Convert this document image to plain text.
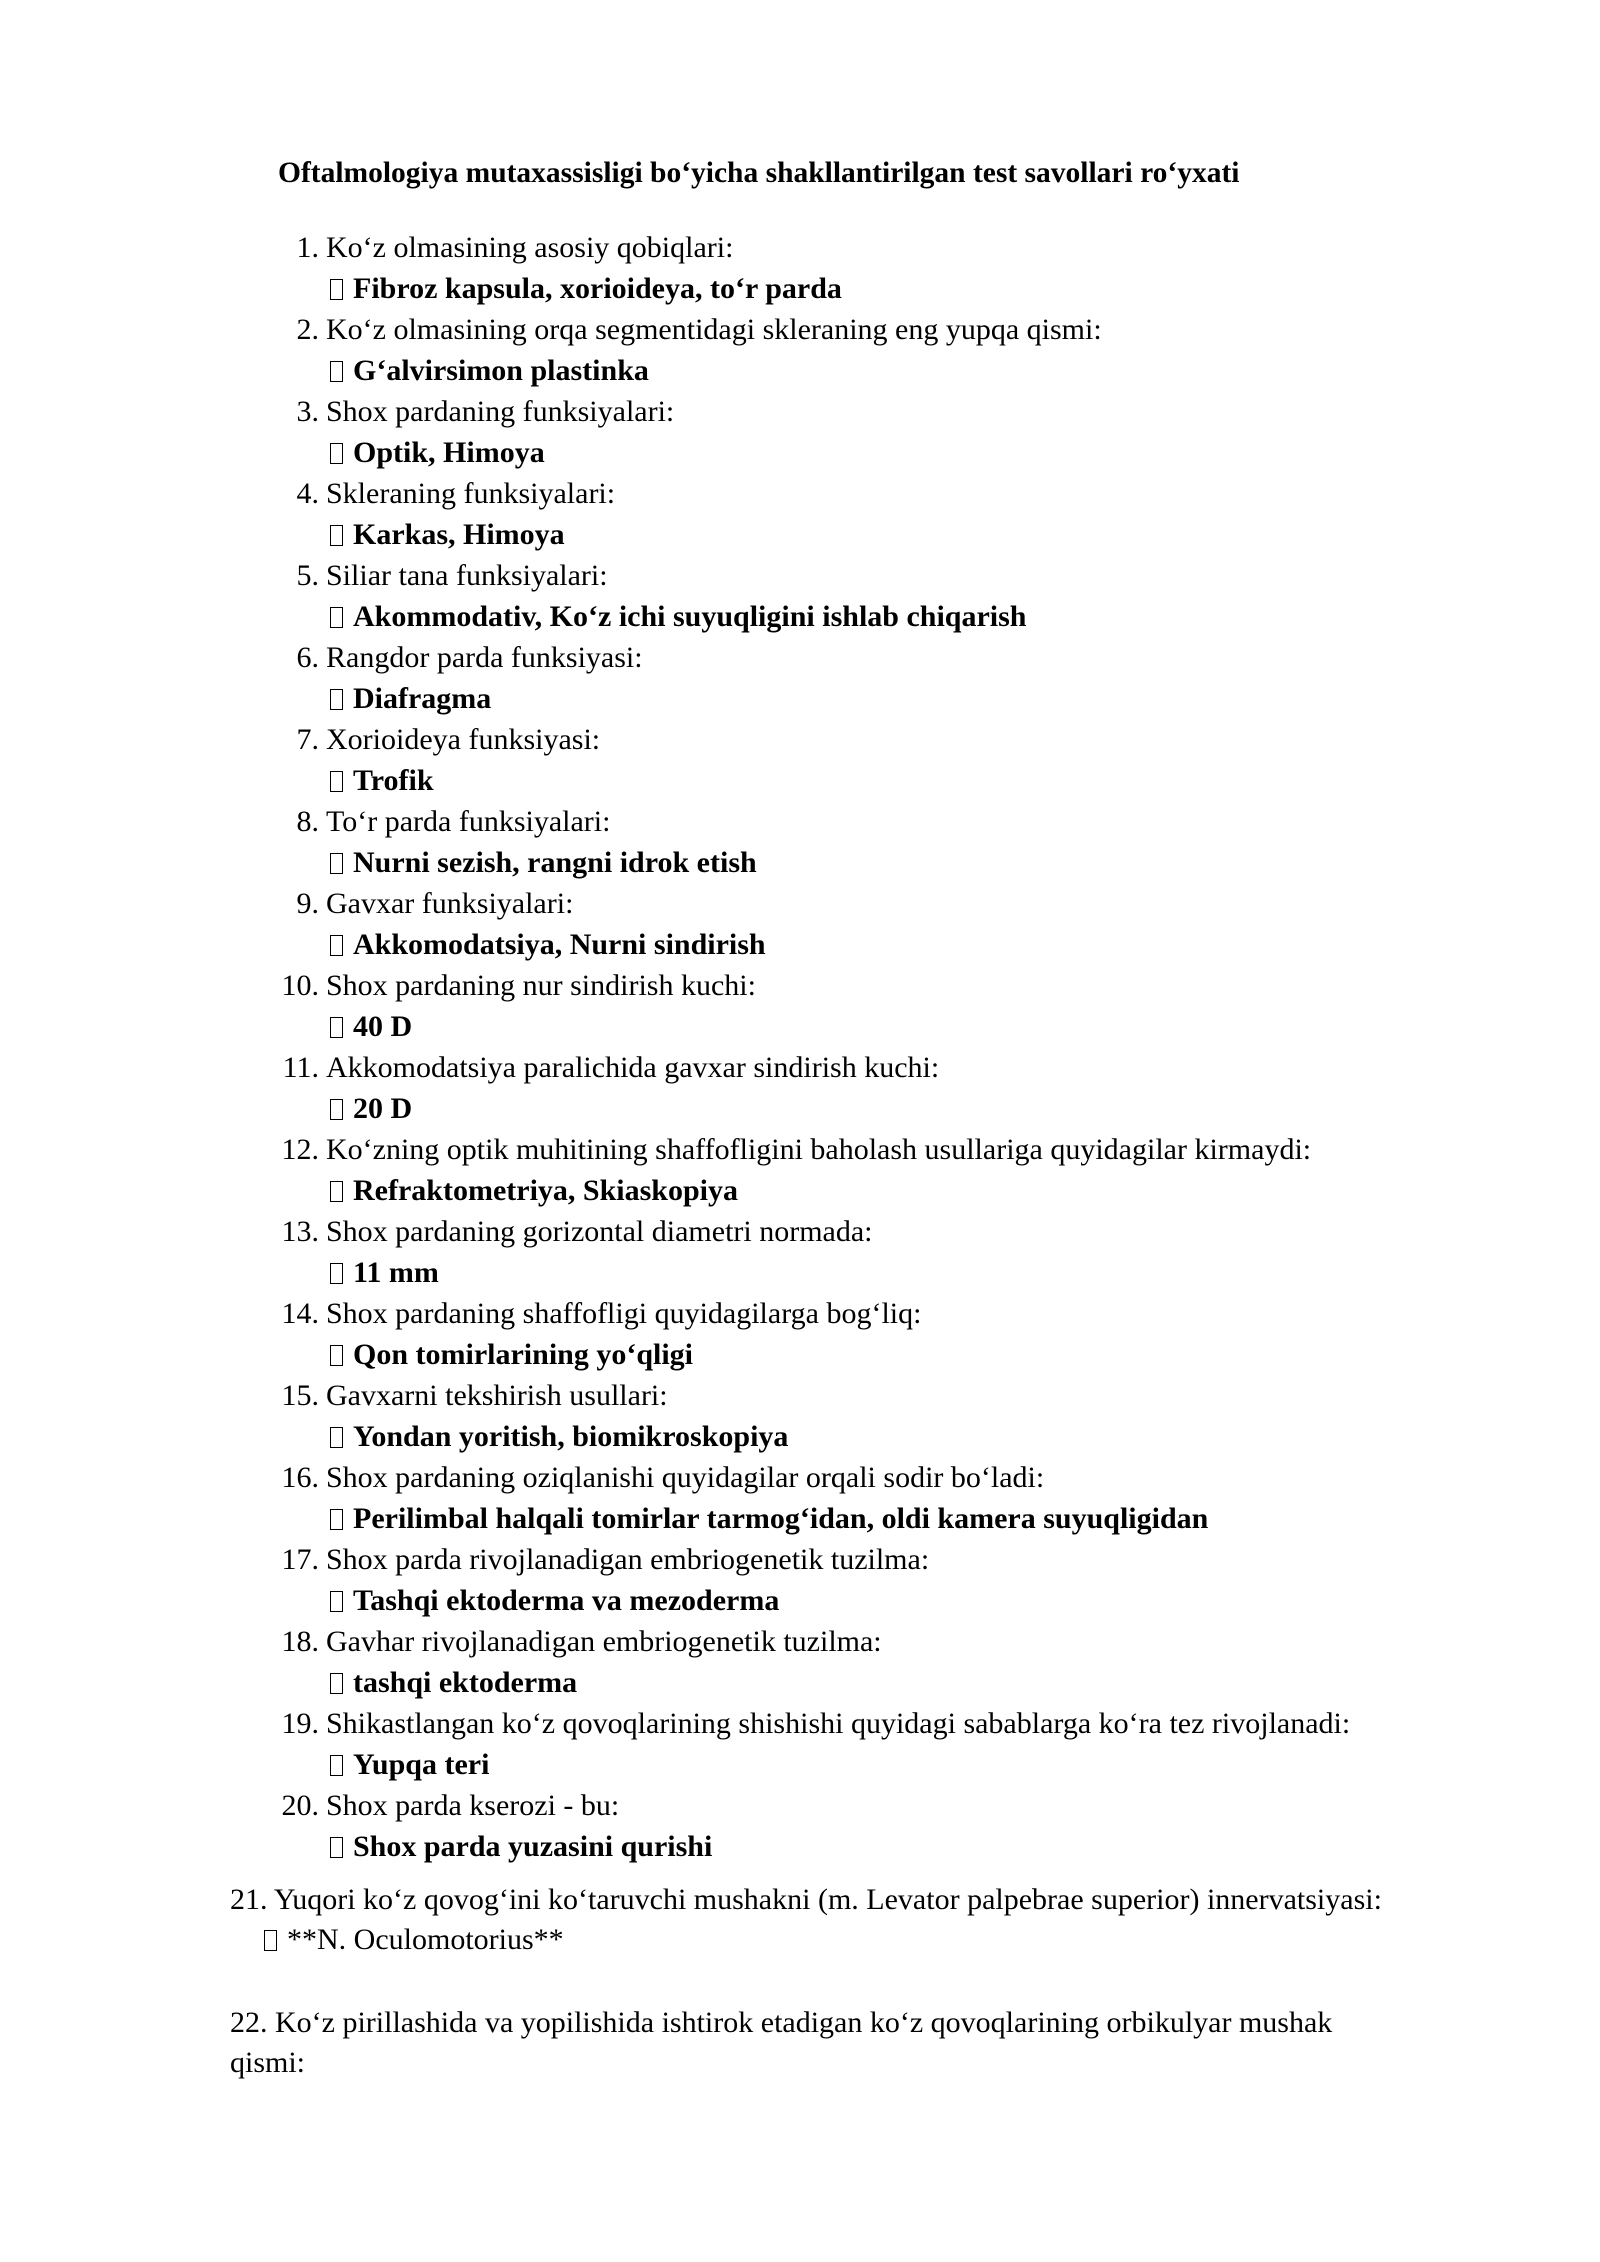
Oftalmologiya mutaxassisligi bo‘yicha shakllantirilgan test savollari ro‘yxati
1. Ko‘z olmasining asosiy qobiqlari:
Fibroz kapsula, xorioideya, to‘r parda
2. Ko‘z olmasining orqa segmentidagi skleraning eng yupqa qismi:
G‘alvirsimon plastinka
3. Shox pardaning funksiyalari:
Optik, Himoya
4. Skleraning funksiyalari:
Karkas, Himoya
5. Siliar tana funksiyalari:
Akommodativ, Ko‘z ichi suyuqligini ishlab chiqarish
6. Rangdor parda funksiyasi:
Diafragma
7. Xorioideya funksiyasi:
Trofik
8. To‘r parda funksiyalari:
Nurni sezish, rangni idrok etish
9. Gavxar funksiyalari:
Akkomodatsiya, Nurni sindirish
10. Shox pardaning nur sindirish kuchi:
40 D
11. Akkomodatsiya paralichida gavxar sindirish kuchi:
20 D
12. Ko‘zning optik muhitining shaffofligini baholash usullariga quyidagilar kirmaydi:
Refraktometriya, Skiaskopiya
13. Shox pardaning gorizontal diametri normada:
11 mm
14. Shox pardaning shaffofligi quyidagilarga bog‘liq:
Qon tomirlarining yo‘qligi
15. Gavxarni tekshirish usullari:
Yondan yoritish, biomikroskopiya
16. Shox pardaning oziqlanishi quyidagilar orqali sodir bo‘ladi:
Perilimbal halqali tomirlar tarmog‘idan, oldi kamera suyuqligidan
17. Shox parda rivojlanadigan embriogenetik tuzilma:
Tashqi ektoderma va mezoderma
18. Gavhar rivojlanadigan embriogenetik tuzilma:
tashqi ektoderma
19. Shikastlangan ko‘z qovoqlarining shishishi quyidagi sabablarga ko‘ra tez rivojlanadi:
Yupqa teri
20. Shox parda kserozi - bu:
Shox parda yuzasini qurishi
21. Yuqori ko‘z qovog‘ini ko‘taruvchi mushakni (m. Levator palpebrae superior) innervatsiyasi:
**N. Oculomotorius**
22. Ko‘z pirillashida va yopilishida ishtirok etadigan ko‘z qovoqlarining orbikulyar mushak
qismi:
